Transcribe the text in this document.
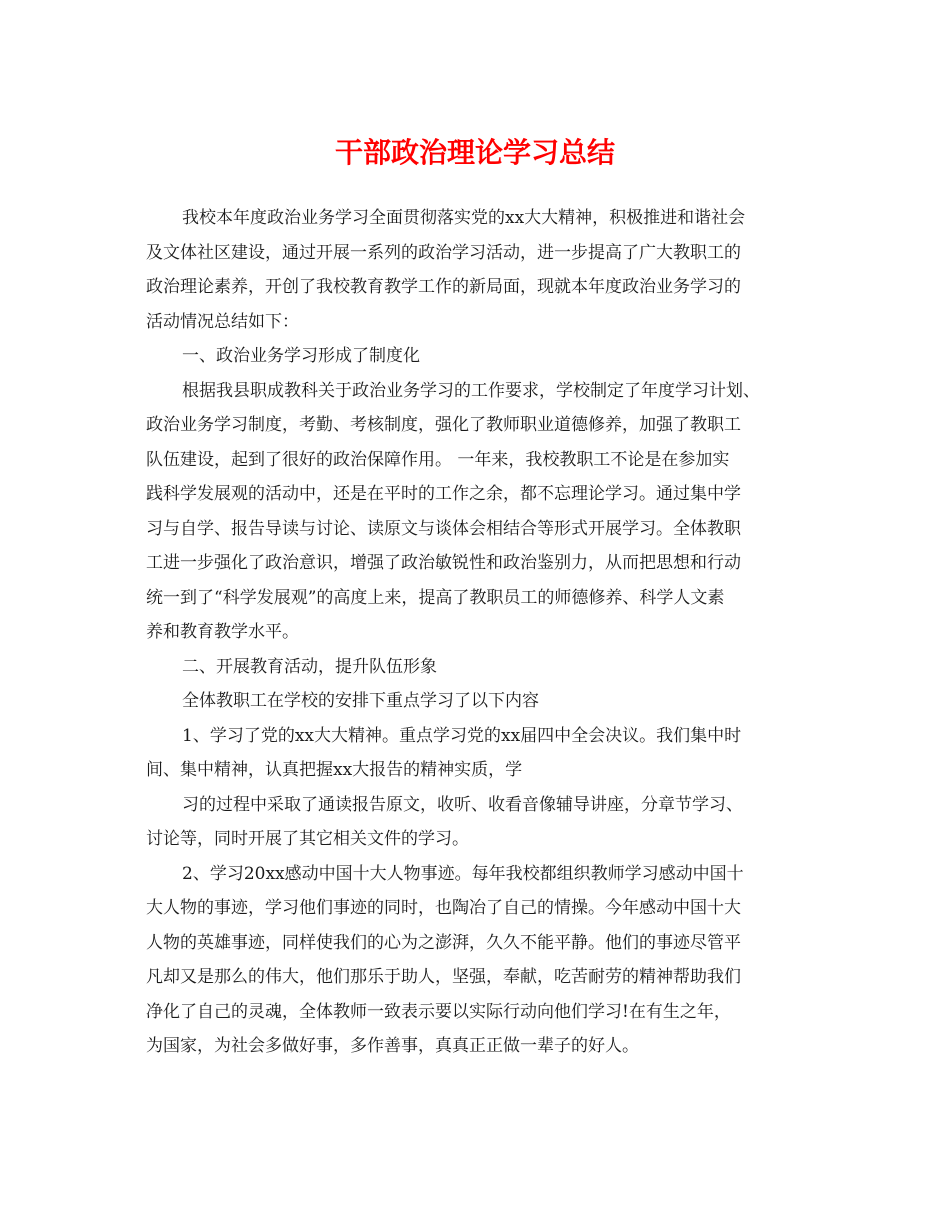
干部政治理论学习总结
我校本年度政治业务学习全面贯彻落实党的xx大大精神，积极推进和谐社会
及文体社区建设，通过开展一系列的政治学习活动，进一步提高了广大教职工的
政治理论素养，开创了我校教育教学工作的新局面，现就本年度政治业务学习的
活动情况总结如下：
一、政治业务学习形成了制度化
根据我县职成教科关于政治业务学习的工作要求，学校制定了年度学习计划、
政治业务学习制度，考勤、考核制度，强化了教师职业道德修养，加强了教职工
队伍建设，起到了很好的政治保障作用。 一年来，我校教职工不论是在参加实
践科学发展观的活动中，还是在平时的工作之余，都不忘理论学习。通过集中学
习与自学、报告导读与讨论、读原文与谈体会相结合等形式开展学习。全体教职
工进一步强化了政治意识，增强了政治敏锐性和政治鉴别力，从而把思想和行动
统一到了“科学发展观”的高度上来，提高了教职员工的师德修养、科学人文素
养和教育教学水平。
二、开展教育活动，提升队伍形象
全体教职工在学校的安排下重点学习了以下内容
1、学习了党的xx大大精神。重点学习党的xx届四中全会决议。我们集中时
间、集中精神，认真把握xx大报告的精神实质，学
习的过程中采取了通读报告原文，收听、收看音像辅导讲座，分章节学习、
讨论等，同时开展了其它相关文件的学习。
2、学习20xx感动中国十大人物事迹。每年我校都组织教师学习感动中国十
大人物的事迹，学习他们事迹的同时，也陶冶了自己的情操。今年感动中国十大
人物的英雄事迹，同样使我们的心为之澎湃，久久不能平静。他们的事迹尽管平
凡却又是那么的伟大，他们那乐于助人，坚强，奉献，吃苦耐劳的精神帮助我们
净化了自己的灵魂，全体教师一致表示要以实际行动向他们学习!在有生之年，
为国家，为社会多做好事，多作善事，真真正正做一辈子的好人。
